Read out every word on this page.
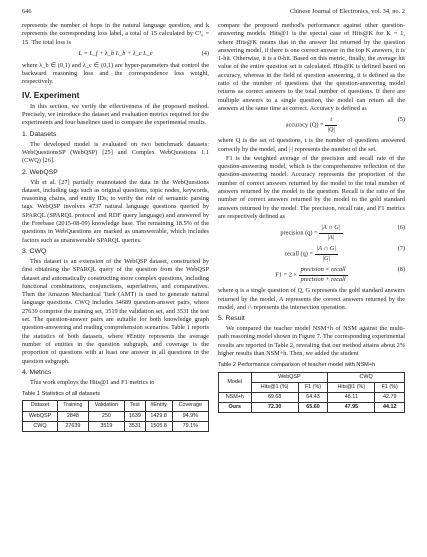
646	Chinese Journal of Electronics, vol. 34, no. 2

represents the number of hops in the natural language question, and k represents the corresponding loss label, a total of 15 calculated by C³₆ = 15. The total loss is

L = L_f + λ_b L_b + λ_c L_c	(4)

where λ_b ∈ (0,1) and λ_c ∈ (0,1) are hyper-parameters that control the backward reasoning loss and the correspondence loss weight, respectively.

IV. Experiment

In this section, we verify the effectiveness of the proposed method. Precisely, we introduce the dataset and evaluation metrics required for the experiments and four baselines used to compare the experimental results.

1. Datasets

The developed model is evaluated on two benchmark datasets: WebQuestionsSP (WebQSP) [25] and Complex WebQuestions 1.1 (CWQ) [26].

2. WebQSP

Yih et al. [27] partially reannotated the data in the WebQuestions dataset, including tags such as original questions, topic nodes, keywords, reasoning chains, and entity IDs, to verify the role of semantic parsing tags. WebQSP involves 4737 natural language questions queried by SPARQL (SPARQL protocol and RDF query language) and answered by the Freebase (2015-08-09) knowledge base. The remaining 18.5% of the questions in WebQuestions are marked as unanswerable, which includes factors such as unanswerable SPARQL queries.

3. CWQ

This dataset is an extension of the WebQSP dataset, constructed by first obtaining the SPARQL query of the question from the WebQSP dataset and automatically constructing more complex questions, including functional combinations, conjunctions, superlatives, and comparatives. Then the Amazon Mechanical Turk (AMT) is used to generate natural language questions. CWQ includes 34689 question-answer pairs, where 27639 comprise the training set, 3519 the validation set, and 3531 the test set. The question-answer pairs are suitable for both knowledge graph question-answering and reading comprehension scenarios. Table 1 reports the statistics of both datasets, where #Entity represents the average number of entities in the question subgraph, and coverage is the proportion of questions with at least one answer in all questions in the question subgraph.

4. Metrics

This work employs the Hits@1 and F1 metrics to

Table 1 Statistics of all datasets
Dataset	Training	Validation	Test	#Entity	Coverage
WebQSP	2848	250	1639	1429.8	94.9%
CWQ	27639	3519	3531	1505.8	79.1%

compare the proposed method's performance against other question-answering models. Hits@1 is the special case of Hits@K for K = 1, where Hits@K means that in the answer list returned by the question answering model, if there is one correct answer in the top K answers, it is 1-hit. Otherwise, it is a 0-hit. Based on this metric, finally, the average hit value of the entire question set is calculated. Hits@K is defined based on accuracy, whereas in the field of question answering, it is defined as the ratio of the number of questions that the question-answering model returns as correct answers to the total number of questions. If there are multiple answers to a single question, the model can return all the answers at the same time as correct. Accuracy is defined as

accuracy $(Q) = \frac{t}{|Q|}$	(5)

where Q is the set of questions, t is the number of questions answered correctly by the model, and |·| represents the number of the set.

F1 is the weighted average of the precision and recall rate of the question-answering model, which is the comprehensive reflection of the question-answering model. Accuracy represents the proportion of the number of correct answers returned by the model to the total number of answers returned by the model to the question. Recall is the ratio of the number of correct answers returned by the model to the gold standard answers returned by the model. The precision, recall rate, and F1 metrics are respectively defined as

precision $(q) = \frac{|A \cap G|}{|A|}$	(6)
recall $(q) = \frac{|A \cap G|}{|G|}$	(7)
$F1 = 2 \times \frac{\text{precision × recall}}{\text{precision + recall}}$	(8)

where q is a single question of Q, G represents the gold standard answers returned by the model, A represents the correct answers returned by the model, and ∩ represents the intersection operation.

5. Result

We compared the teacher model NSM+h of NSM against the multi-path reasoning model shown in Figure 7. The corresponding experimental results are reported in Table 2, revealing that our method attains about 2% higher results than NSM+h. Then, we added the student

Table 2 Performance comparison of teacher model with NSM+h
Model	WebQSP		CWQ	
	Hits@1 (%)	F1 (%)	Hits@1 (%)	F1 (%)
NSM+h	69.68	64.43	46.11	42.79
Ours	72.30	65.60	47.95	44.12
